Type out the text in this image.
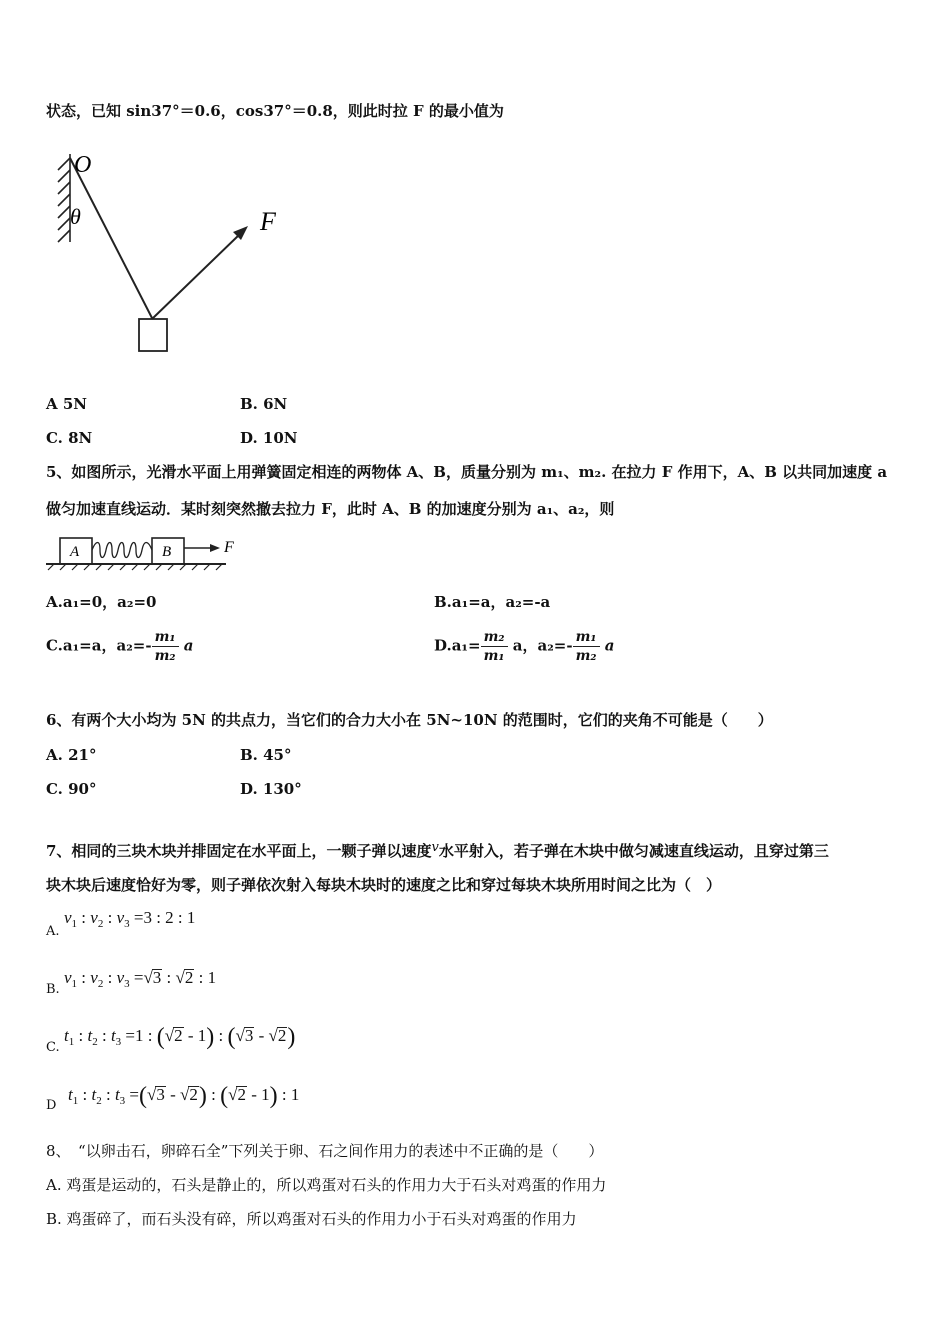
状态，已知 sin37°＝0.6，cos37°＝0.8，则此时拉 F 的最小值为
O
θ	F
A 5N	B. 6N
C. 8N	D. 10N
5、如图所示，光滑水平面上用弹簧固定相连的两物体 A、B，质量分别为 m₁、m₂. 在拉力 F 作用下，A、B 以共同加速度 a
做匀加速直线运动．某时刻突然撤去拉力 F，此时 A、B 的加速度分别为 a₁、a₂，则
A	B	F
A.a₁=0，a₂=0	B.a₁=a，a₂=-a
C.a₁=a，$a_2=- \frac{\text{m₁}}{\text{m₂}}$ a	$D.a_1= \frac{\text{m₂}}{\text{m₁}}$ a，$a_2=- \frac{\text{m₁}}{\text{m₂}}$ a
6、有两个大小均为 5N 的共点力，当它们的合力大小在 5N~10N 的范围时，它们的夹角不可能是（　　）
A. 21°	B. 45°
C. 90°	D. 130°
7、相同的三块木块并排固定在水平面上，一颗子弹以速度v水平射入，若子弹在木块中做匀减速直线运动，且穿过第三
块木块后速度恰好为零，则子弹依次射入每块木块时的速度之比和穿过每块木块所用时间之比为（　）
A.
$v_1$ : $v_2$ : $v_3 =3$ : 2 : 1
B.
$v_1$ : $v_2$ : $v_3 =√3$ : √2 : 1
C.
$t_1$ : $t_2$ : $t_3 =1$ : (√2 - 1) : (√3 - √2)
D
$t_1$ : $t_2$ : $t_3 =(√3 - √2)$ : (√2 - 1) : 1
8、　“以卵击石，卵碎石全”下列关于卵、石之间作用力的表述中不正确的是（　　）
A. 鸡蛋是运动的，石头是静止的，所以鸡蛋对石头的作用力大于石头对鸡蛋的作用力
B. 鸡蛋碎了，而石头没有碎，所以鸡蛋对石头的作用力小于石头对鸡蛋的作用力
